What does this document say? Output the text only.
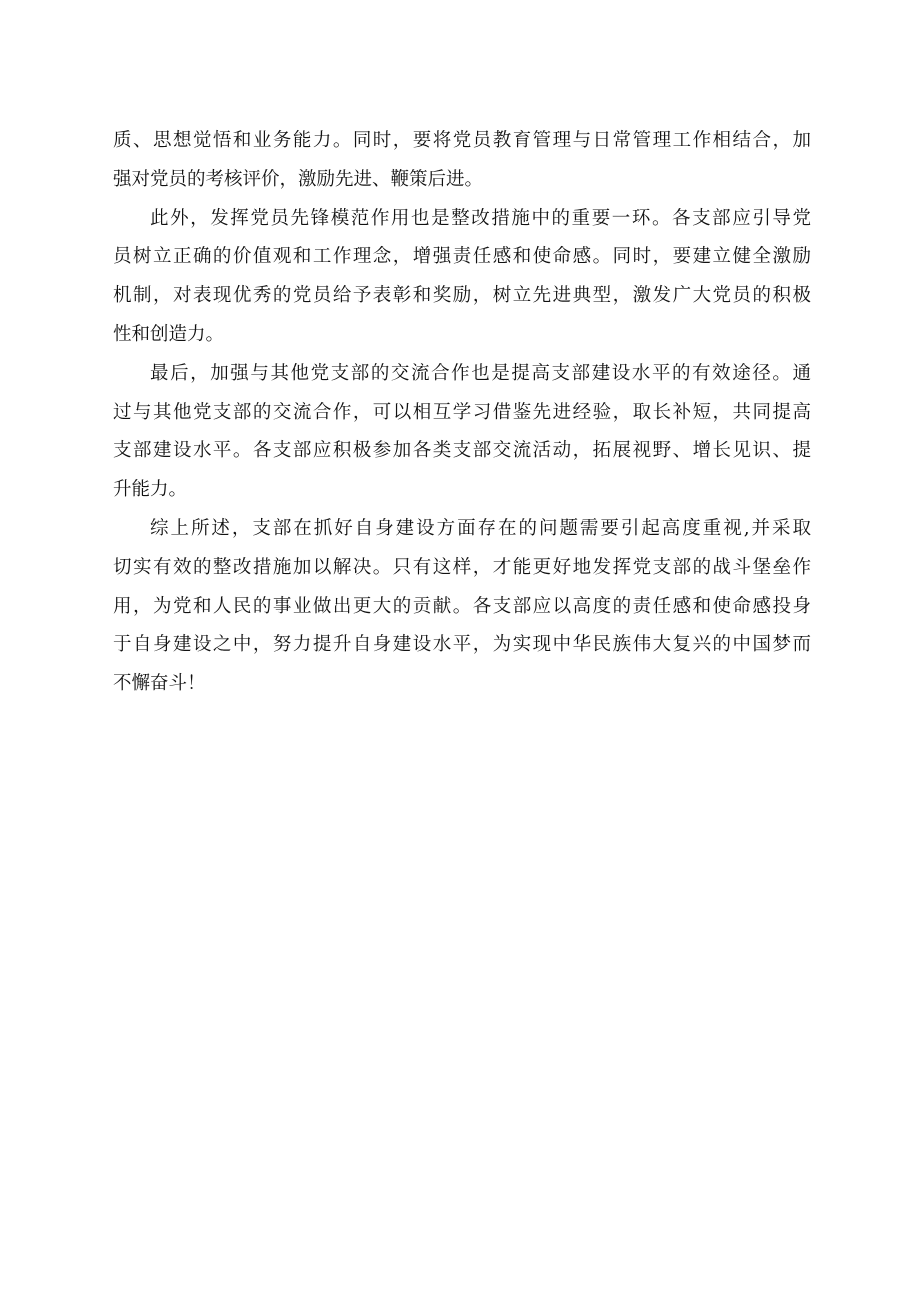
质、思想觉悟和业务能力。同时，要将党员教育管理与日常管理工作相结合，加
强对党员的考核评价，激励先进、鞭策后进。
此外，发挥党员先锋模范作用也是整改措施中的重要一环。各支部应引导党
员树立正确的价值观和工作理念，增强责任感和使命感。同时，要建立健全激励
机制，对表现优秀的党员给予表彰和奖励，树立先进典型，激发广大党员的积极
性和创造力。
最后，加强与其他党支部的交流合作也是提高支部建设水平的有效途径。通
过与其他党支部的交流合作，可以相互学习借鉴先进经验，取长补短，共同提高
支部建设水平。各支部应积极参加各类支部交流活动，拓展视野、增长见识、提
升能力。
综上所述，支部在抓好自身建设方面存在的问题需要引起高度重视,并采取
切实有效的整改措施加以解决。只有这样，才能更好地发挥党支部的战斗堡垒作
用，为党和人民的事业做出更大的贡献。各支部应以高度的责任感和使命感投身
于自身建设之中，努力提升自身建设水平，为实现中华民族伟大复兴的中国梦而
不懈奋斗！
